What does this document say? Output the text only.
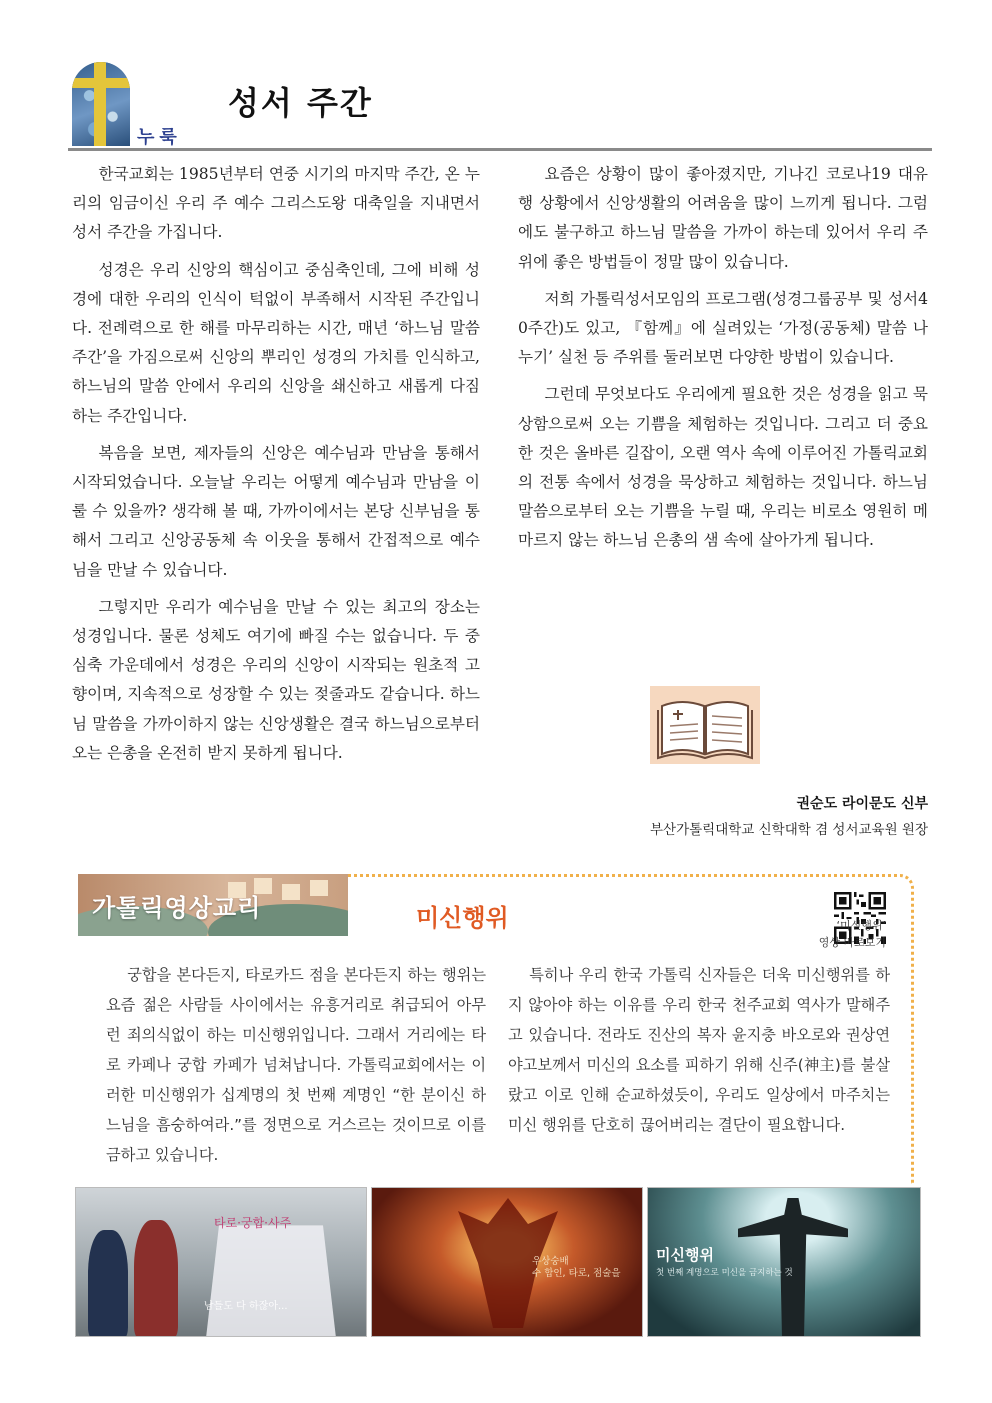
누룩
성서 주간

한국교회는 1985년부터 연중 시기의 마지막 주간, 온 누리의 임금이신 우리 주 예수 그리스도왕 대축일을 지내면서 성서 주간을 가집니다.

성경은 우리 신앙의 핵심이고 중심축인데, 그에 비해 성경에 대한 우리의 인식이 턱없이 부족해서 시작된 주간입니다. 전례력으로 한 해를 마무리하는 시간, 매년 ‘하느님 말씀 주간’을 가짐으로써 신앙의 뿌리인 성경의 가치를 인식하고, 하느님의 말씀 안에서 우리의 신앙을 쇄신하고 새롭게 다짐하는 주간입니다.

복음을 보면, 제자들의 신앙은 예수님과 만남을 통해서 시작되었습니다. 오늘날 우리는 어떻게 예수님과 만남을 이룰 수 있을까? 생각해 볼 때, 가까이에서는 본당 신부님을 통해서 그리고 신앙공동체 속 이웃을 통해서 간접적으로 예수님을 만날 수 있습니다.

그렇지만 우리가 예수님을 만날 수 있는 최고의 장소는 성경입니다. 물론 성체도 여기에 빠질 수는 없습니다. 두 중심축 가운데에서 성경은 우리의 신앙이 시작되는 원초적 고향이며, 지속적으로 성장할 수 있는 젖줄과도 같습니다. 하느님 말씀을 가까이하지 않는 신앙생활은 결국 하느님으로부터 오는 은총을 온전히 받지 못하게 됩니다.

요즘은 상황이 많이 좋아졌지만, 기나긴 코로나19 대유행 상황에서 신앙생활의 어려움을 많이 느끼게 됩니다. 그럼에도 불구하고 하느님 말씀을 가까이 하는데 있어서 우리 주위에 좋은 방법들이 정말 많이 있습니다.

저희 가톨릭성서모임의 프로그램(성경그룹공부 및 성서40주간)도 있고, 『함께』에 실려있는 ‘가정(공동체) 말씀 나누기’ 실천 등 주위를 둘러보면 다양한 방법이 있습니다.

그런데 무엇보다도 우리에게 필요한 것은 성경을 읽고 묵상함으로써 오는 기쁨을 체험하는 것입니다. 그리고 더 중요한 것은 올바른 길잡이, 오랜 역사 속에 이루어진 가톨릭교회의 전통 속에서 성경을 묵상하고 체험하는 것입니다. 하느님 말씀으로부터 오는 기쁨을 누릴 때, 우리는 비로소 영원히 메마르지 않는 하느님 은총의 샘 속에 살아가게 됩니다.

권순도 라이문도 신부
부산가톨릭대학교 신학대학 겸 성서교육원 원장
가톨릭영상교리	미신행위	‘미신행위’
영상 바로보기

궁합을 본다든지, 타로카드 점을 본다든지 하는 행위는 요즘 젊은 사람들 사이에서는 유흥거리로 취급되어 아무런 죄의식없이 하는 미신행위입니다. 그래서 거리에는 타로 카페나 궁합 카페가 넘쳐납니다. 가톨릭교회에서는 이러한 미신행위가 십계명의 첫 번째 계명인 “한 분이신 하느님을 흠숭하여라.”를 정면으로 거스르는 것이므로 이를 금하고 있습니다.

특히나 우리 한국 가톨릭 신자들은 더욱 미신행위를 하지 않아야 하는 이유를 우리 한국 천주교회 역사가 말해주고 있습니다. 전라도 진산의 복자 윤지충 바오로와 권상연 야고보께서 미신의 요소를 피하기 위해 신주(神主)를 불살랐고 이로 인해 순교하셨듯이, 우리도 일상에서 마주치는 미신 행위를 단호히 끊어버리는 결단이 필요합니다.

타로·궁합·사주
남들도 다 하잖아...
우상숭배
수 합인, 타로, 점술을
미신행위
첫 번째 계명으로 미신을 금지하는 것
